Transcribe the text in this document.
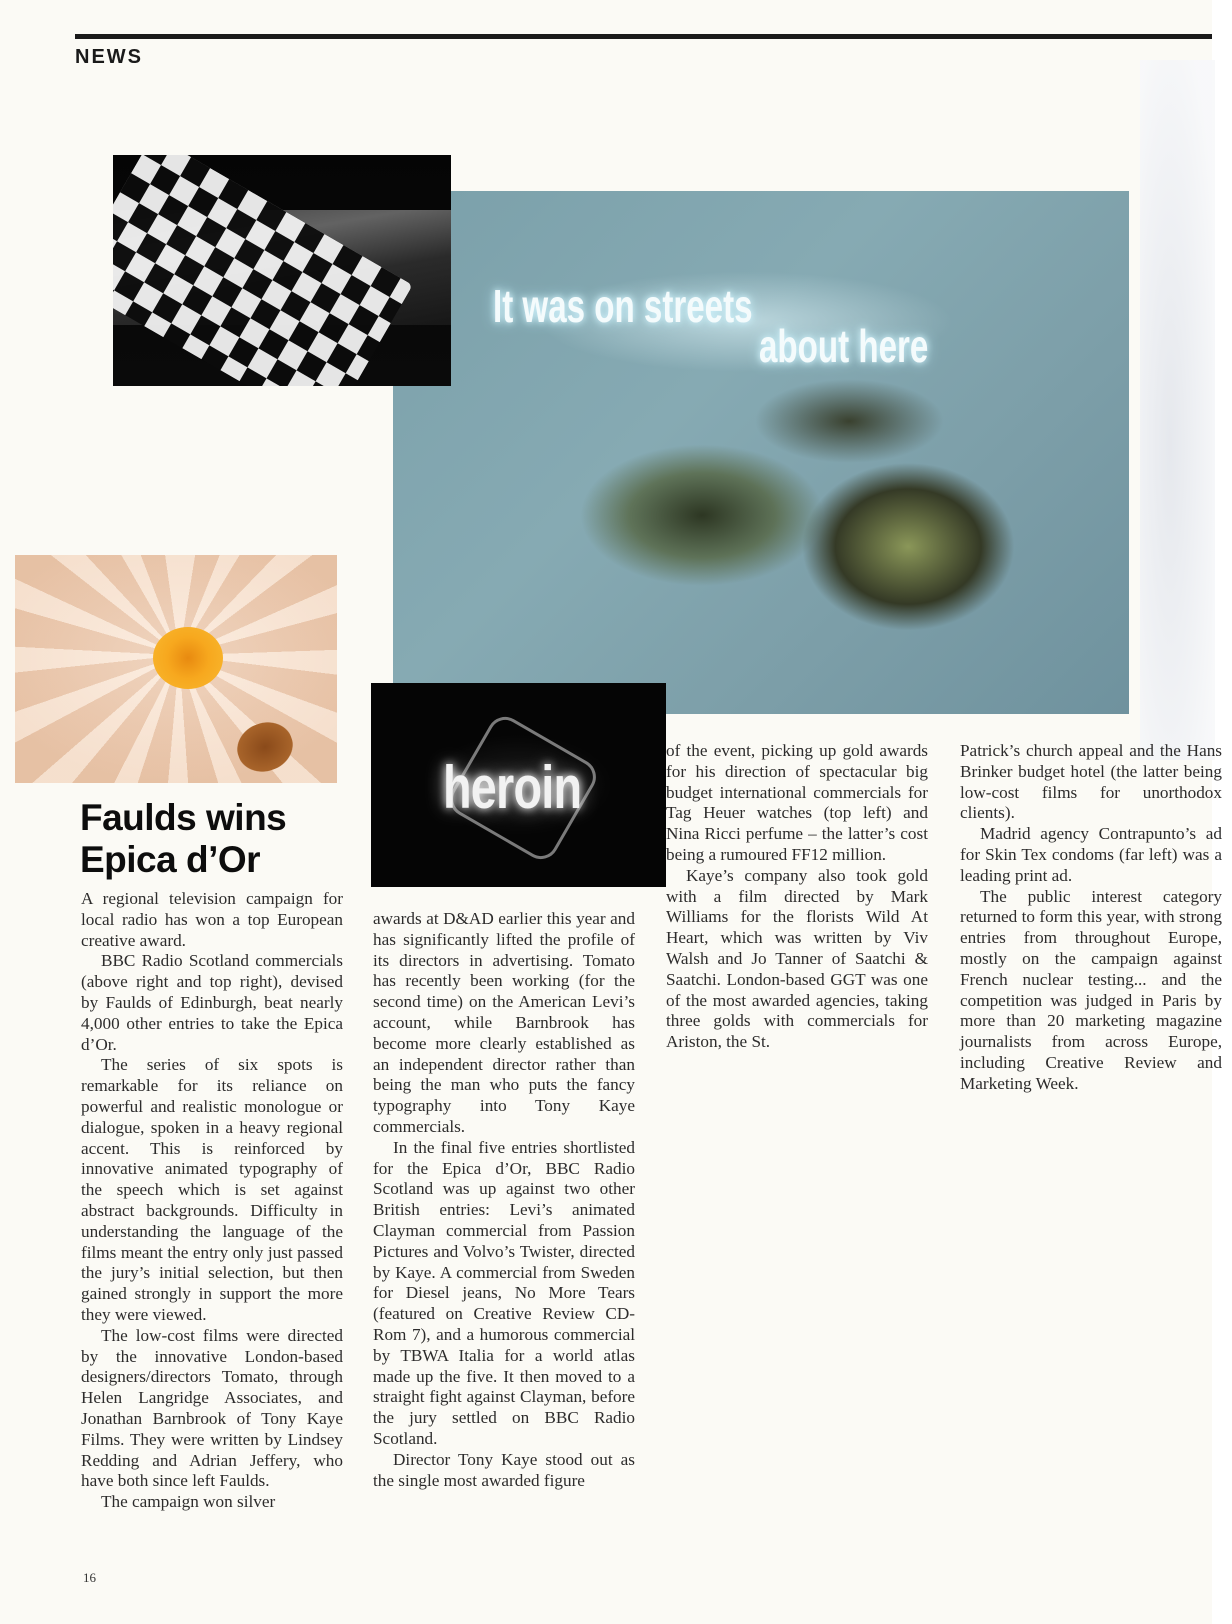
NEWS
It was on streets
about here
heroin
Faulds wins Epica d’Or

A regional television campaign for local radio has won a top European creative award.

BBC Radio Scotland commercials (above right and top right), devised by Faulds of Edinburgh, beat nearly 4,000 other entries to take the Epica d’Or.

The series of six spots is remarkable for its reliance on powerful and realistic monologue or dialogue, spoken in a heavy regional accent. This is reinforced by innovative animated typography of the speech which is set against abstract backgrounds. Difficulty in understanding the language of the films meant the entry only just passed the jury’s initial selection, but then gained strongly in support the more they were viewed.

The low-cost films were directed by the innovative London-based designers/directors Tomato, through Helen Langridge Associates, and Jonathan Barnbrook of Tony Kaye Films. They were written by Lindsey Redding and Adrian Jeffery, who have both since left Faulds.

The campaign won silver

awards at D&AD earlier this year and has significantly lifted the profile of its directors in advertising. Tomato has recently been working (for the second time) on the American Levi’s account, while Barnbrook has become more clearly established as an independent director rather than being the man who puts the fancy typography into Tony Kaye commercials.

In the final five entries shortlisted for the Epica d’Or, BBC Radio Scotland was up against two other British entries: Levi’s animated Clayman commercial from Passion Pictures and Volvo’s Twister, directed by Kaye. A commercial from Sweden for Diesel jeans, No More Tears (featured on Creative Review CD-Rom 7), and a humorous commercial by TBWA Italia for a world atlas made up the five. It then moved to a straight fight against Clayman, before the jury settled on BBC Radio Scotland.

Director Tony Kaye stood out as the single most awarded figure

of the event, picking up gold awards for his direction of spectacular big budget international commercials for Tag Heuer watches (top left) and Nina Ricci perfume – the latter’s cost being a rumoured FF12 million.

Kaye’s company also took gold with a film directed by Mark Williams for the florists Wild At Heart, which was written by Viv Walsh and Jo Tanner of Saatchi & Saatchi. London-based GGT was one of the most awarded agencies, taking three golds with commercials for Ariston, the St.

Patrick’s church appeal and the Hans Brinker budget hotel (the latter being low-cost films for unorthodox clients).

Madrid agency Contrapunto’s ad for Skin Tex condoms (far left) was a leading print ad.

The public interest category returned to form this year, with strong entries from throughout Europe, mostly on the campaign against French nuclear testing... and the competition was judged in Paris by more than 20 marketing magazine journalists from across Europe, including Creative Review and Marketing Week.

16
